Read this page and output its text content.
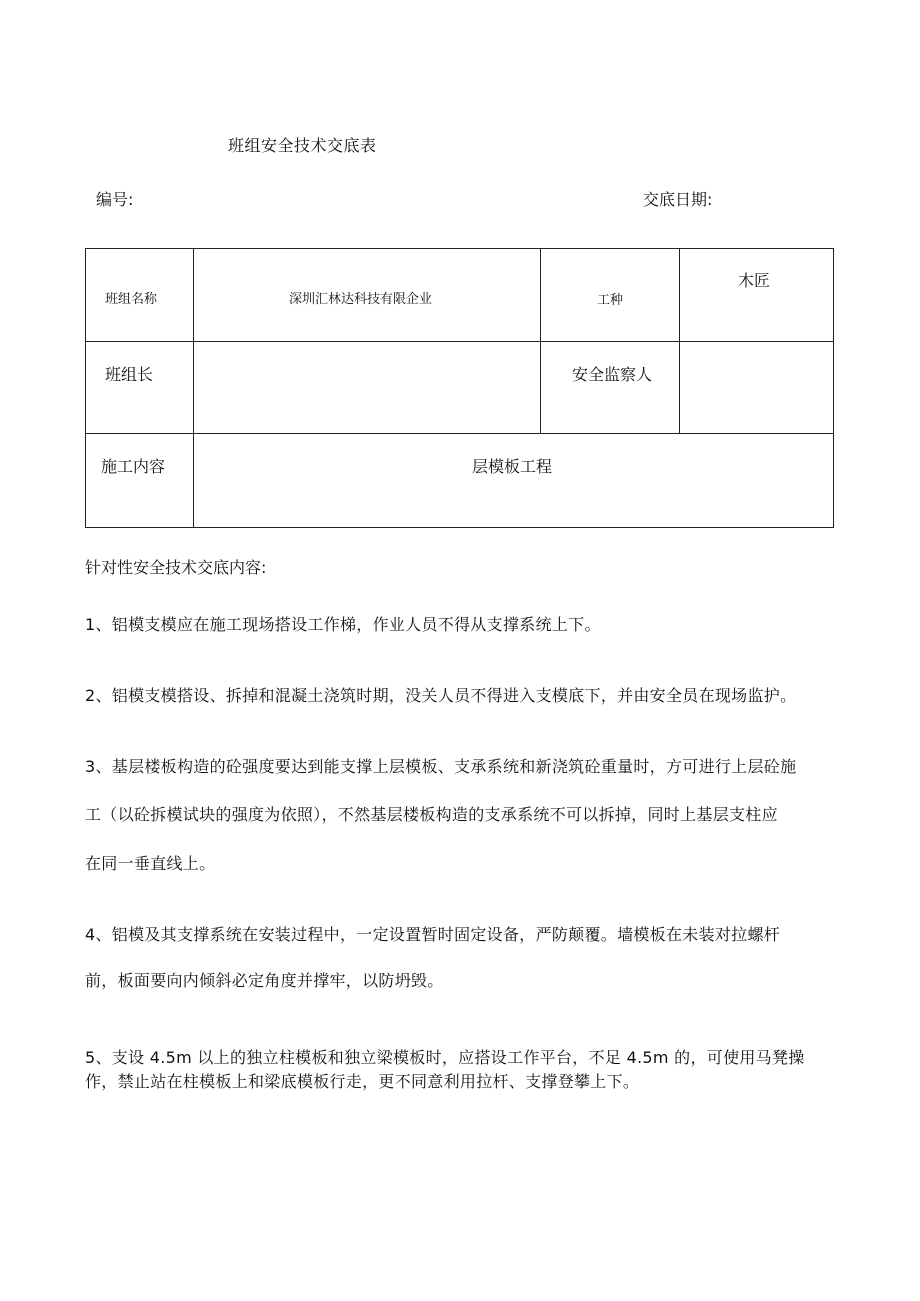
班组安全技术交底表
编号:	交底日期:
班组名称	深圳汇林达科技有限企业	工种	木匠

班组长		安全监察人	

施工内容	层模板工程		
针对性安全技术交底内容:
1、铝模支模应在施工现场搭设工作梯，作业人员不得从支撑系统上下。
2、铝模支模搭设、拆掉和混凝土浇筑时期，没关人员不得进入支模底下，并由安全员在现场监护。
3、基层楼板构造的砼强度要达到能支撑上层模板、支承系统和新浇筑砼重量时，方可进行上层砼施
工（以砼拆模试块的强度为依照），不然基层楼板构造的支承系统不可以拆掉，同时上基层支柱应
在同一垂直线上。
4、铝模及其支撑系统在安装过程中，一定设置暂时固定设备，严防颠覆。墙模板在未装对拉螺杆
前，板面要向内倾斜必定角度并撑牢，以防坍毁。
5、支设 4.5m 以上的独立柱模板和独立梁模板时，应搭设工作平台，不足 4.5m 的，可使用马凳操
作，禁止站在柱模板上和梁底模板行走，更不同意利用拉杆、支撑登攀上下。
